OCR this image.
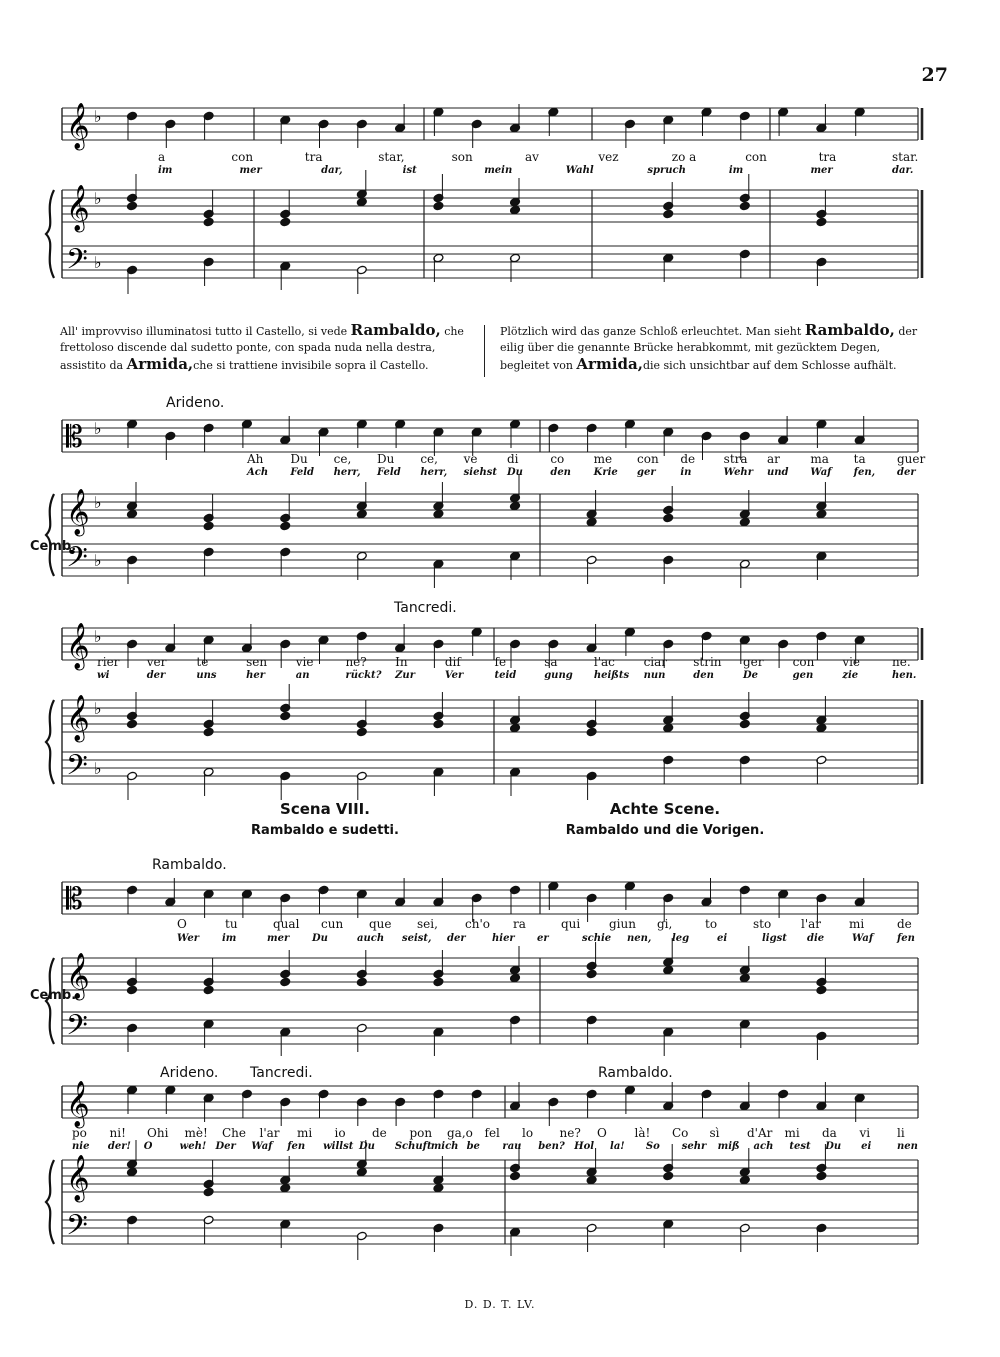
27
𝄞
𝄞
𝄢
♭
♭
♭
𝄡
𝄞
𝄢
♭
♭
♭
𝄞
𝄞
𝄢
♭
♭
♭
𝄡
𝄞
𝄢
𝄞
𝄞
𝄢
All' improvviso illuminatosi tutto il Castello, si vede Rambaldo, che frettoloso discende dal sudetto ponte, con spada nuda nella destra, assistito da Armida,che si trattiene invisibile sopra il Castello.
Plötzlich wird das ganze Schloß erleuchtet. Man sieht Rambaldo, der eilig über die genannte Brücke herabkommt, mit gezücktem Degen, begleitet von Armida,die sich unsichtbar auf dem Schlosse aufhält.
Scena VIII.
Rambaldo e sudetti.
Achte Scene.
Rambaldo und die Vorigen.
Arideno.
Tancredi.
Rambaldo.
Arideno. Tancredi.	Rambaldo.
Cemb.
Cemb.
a	con	tra	star,	son	av	vez	zo a	con	tra	star.
im	mer	dar,	ist	mein	Wahl	spruch	im	mer	dar.
Ah Du ce, Du ce, ve di	co me con de stra ar	ma ta	guer
Ach Feld herr, Feld herr, siehst Du	den Krie ger in	Wehr und Waf fen, der
rier ver	te	sen vie	ne? In	dif	fe	sa	l'ac ciar strin ger con vie	ne.
wi	der	uns	her	an	rückt? Zur	Ver	teid	gung heißts nun	den	De	gen	zie	hen.
O	tu	qual cun que sei, ch'o ra	qui giun gi,	to	sto l'ar mi	de
Wer im	mer Du	auch seist, der	hier er	schie nen, leg	ei	ligst die	Waf fen
po ni! Ohi mè! Che l'ar mi io de pon ga,o fel lo ne? O là! Co sì d'Ar mi da vi li
nie der! O	weh! Der Waf fen willst Du Schuft mich be rau ben? Hol la! So sehr miß ach test Du ei	nen
D. D. T. LV.
